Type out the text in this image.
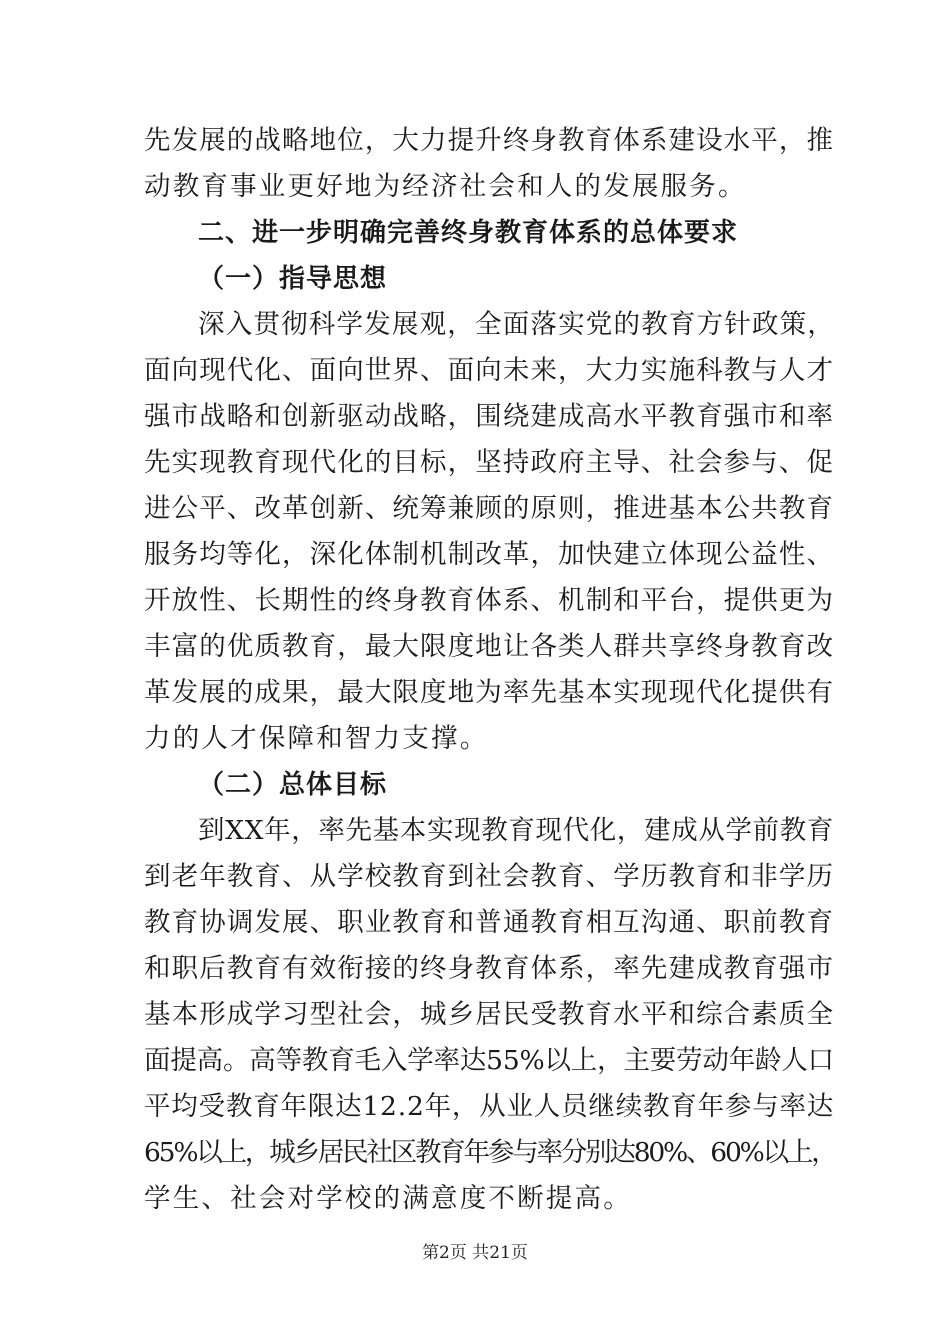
先发展的战略地位，大力提升终身教育体系建设水平，推
动教育事业更好地为经济社会和人的发展服务。
二、进一步明确完善终身教育体系的总体要求
（一）指导思想
深入贯彻科学发展观，全面落实党的教育方针政策，
面向现代化、面向世界、面向未来，大力实施科教与人才
强市战略和创新驱动战略，围绕建成高水平教育强市和率
先实现教育现代化的目标，坚持政府主导、社会参与、促
进公平、改革创新、统筹兼顾的原则，推进基本公共教育
服务均等化，深化体制机制改革，加快建立体现公益性、
开放性、长期性的终身教育体系、机制和平台，提供更为
丰富的优质教育，最大限度地让各类人群共享终身教育改
革发展的成果，最大限度地为率先基本实现现代化提供有
力的人才保障和智力支撑。
（二）总体目标
到XX年，率先基本实现教育现代化，建成从学前教育
到老年教育、从学校教育到社会教育、学历教育和非学历
教育协调发展、职业教育和普通教育相互沟通、职前教育
和职后教育有效衔接的终身教育体系，率先建成教育强市
基本形成学习型社会，城乡居民受教育水平和综合素质全
面提高。高等教育毛入学率达55%以上，主要劳动年龄人口
平均受教育年限达12.2年，从业人员继续教育年参与率达
65%以上，城乡居民社区教育年参与率分别达80%、60%以上，
学生、社会对学校的满意度不断提高。
第2页 共21页
